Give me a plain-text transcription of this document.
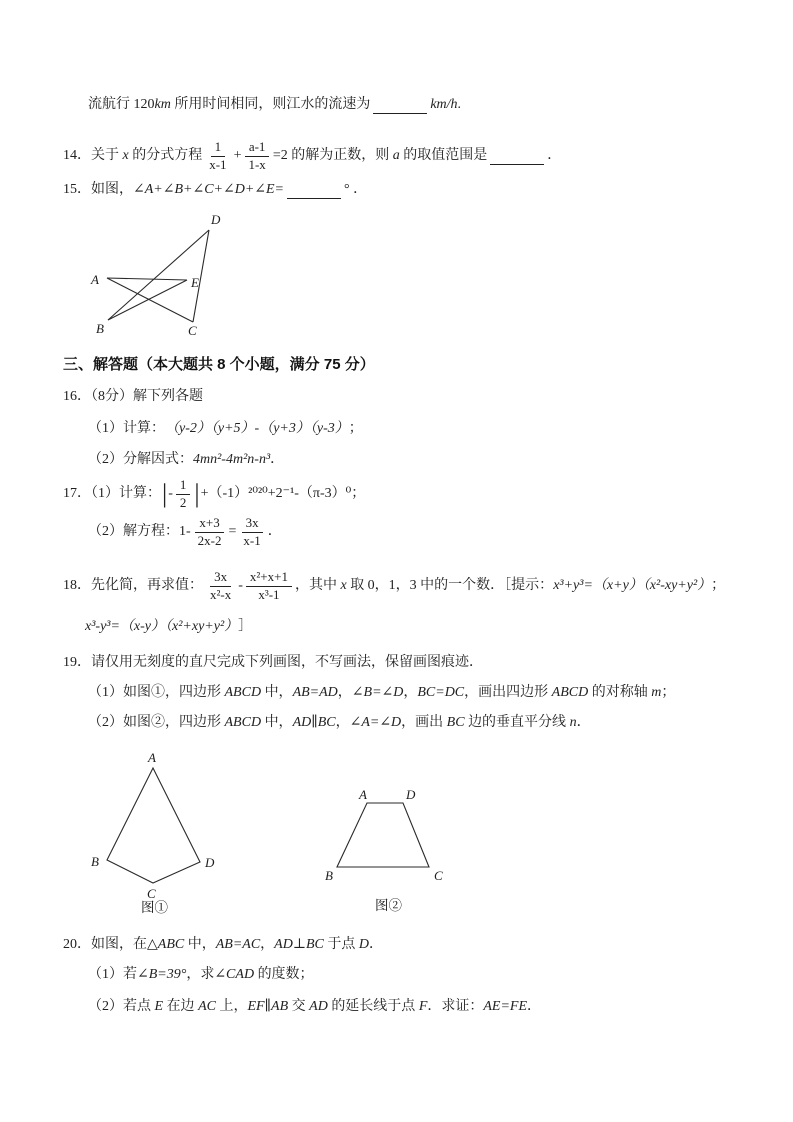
流航行 120 km 所用时间相同，则江水的流速为	km/h .
14．关于 x 的分式方程 $\frac{1}{x-1} + \frac{a-1}{1-x} =2$ 的解为正数，则 a 的取值范围是	．
15．如图， ∠A+∠B+∠C+∠D+∠E=	° ．
A	E
B	C
D
三、解答题（本大题共 8 个小题，满分 75 分）
16．（8分）解下列各题
（1）计算： （y-2）（y+5）-（y+3）（y-3） ；
（2）分解因式： 4mn²-4m²n-n³ ．
17．（1）计算： | - $\frac{1}{2}$ | +（-1）²⁰²⁰+2⁻¹-（π-3）⁰；
（2）解方程：$1- \frac{x+3}{2x-2} = \frac{3x}{x-1}$ ．
18．先化简，再求值： $\frac{3x}{\text{x²-x}} - \frac{\text{x²+x+1}}{\text{x³-1}}$ ，其中 x 取 0，1，3 中的一个数．［提示： x³+y³=（x+y）（x²-xy+y²） ；
x³-y³=（x-y）（x²+xy+y²） ］
19．请仅用无刻度的直尺完成下列画图，不写画法，保留画图痕迹．
（1）如图①，四边形 ABCD 中， AB=AD ， ∠B=∠D ， BC=DC ，画出四边形 ABCD 的对称轴 m ；
（2）如图②，四边形 ABCD 中， AD∥BC ， ∠A=∠D ，画出 BC 边的垂直平分线 n ．
A
B
C
D
图①
A	D
B	C
图②
20．如图，在 △ABC 中， AB=AC ， AD⊥BC 于点 D ．
（1）若 ∠B=39° ，求 ∠CAD 的度数；
（2）若点 E 在边 AC 上， EF∥AB 交 AD 的延长线于点 F ．求证： AE=FE ．
